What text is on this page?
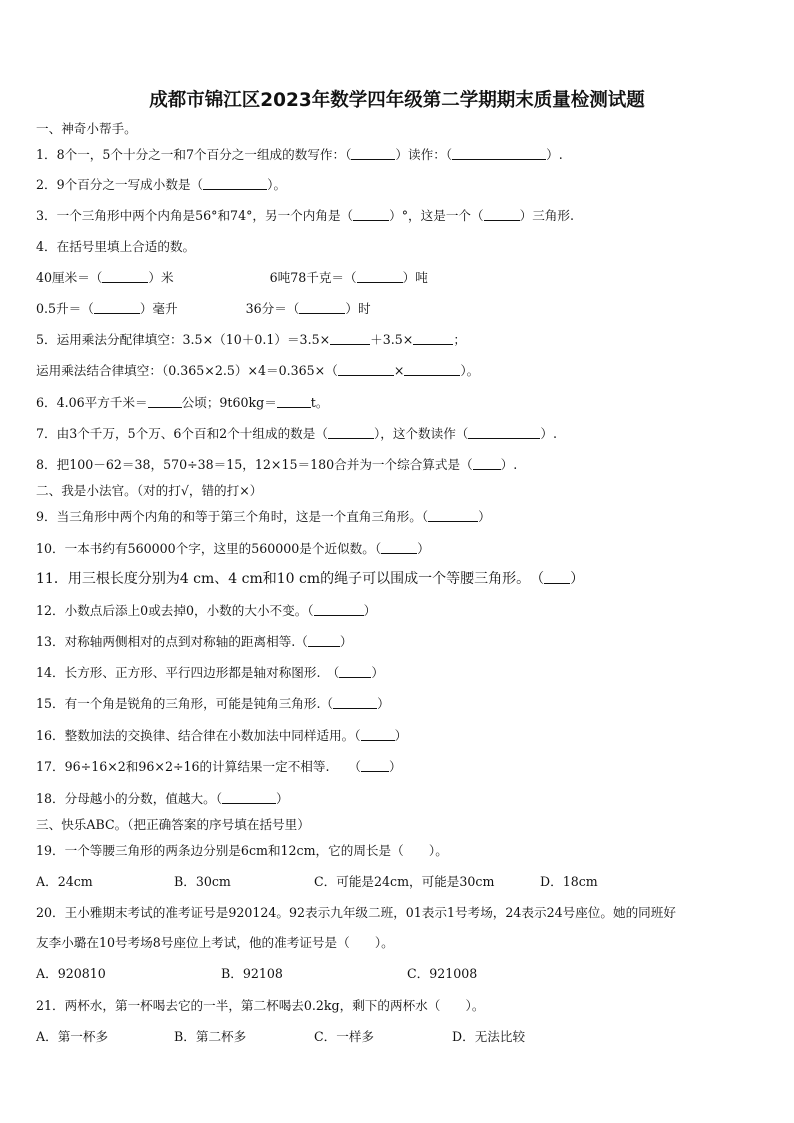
成都市锦江区2023年数学四年级第二学期期末质量检测试题
一、神奇小帮手。
1．8个一，5个十分之一和7个百分之一组成的数写作：（	）读作：（	）.
2．9个百分之一写成小数是（	）。
3．一个三角形中两个内角是56°和74°，另一个内角是（	）°，这是一个（	）三角形.
4．在括号里填上合适的数。
40厘米＝（	）米	6吨78千克＝（	）吨
0.5升＝（	）毫升	36分＝（	）时
5．运用乘法分配律填空：3.5×（10＋0.1）＝3.5×	＋3.5×	；
运用乘法结合律填空：（0.365×2.5）×4＝0.365×（	×	）。
6．4.06平方千米＝	公顷；9t60kg＝	t。
7．由3个千万，5个万、6个百和2个十组成的数是（	），这个数读作（	）.
8．把100－62＝38，570÷38＝15，12×15＝180合并为一个综合算式是（ ）.
二、我是小法官。（对的打√，错的打×）
9．当三角形中两个内角的和等于第三个角时，这是一个直角三角形。（	）
10．一本书约有560000个字，这里的560000是个近似数。（	）
11．用三根长度分别为4 cm、4 cm和10 cm的绳子可以围成一个等腰三角形。　（ ）
12．小数点后添上0或去掉0，小数的大小不变。（	）
13．对称轴两侧相对的点到对称轴的距离相等.（	）
14．长方形、正方形、平行四边形都是轴对称图形.　（	）
15．有一个角是锐角的三角形，可能是钝角三角形.（	）
16．整数加法的交换律、结合律在小数加法中同样适用。（	）
17．96÷16×2和96×2÷16的计算结果一定不相等.　　（ ）
18．分母越小的分数，值越大。（	）
三、快乐ABC。（把正确答案的序号填在括号里）
19．一个等腰三角形的两条边分别是6cm和12cm，它的周长是（　　）。
A．24cm	B．30cm	C．可能是24cm，可能是30cm	D．18cm
20．王小雅期末考试的准考证号是920124。92表示九年级二班，01表示1号考场，24表示24号座位。她的同班好
友李小璐在10号考场8号座位上考试，他的准考证号是（　　）。
A．920810	B．92108	C．921008
21．两杯水，第一杯喝去它的一半，第二杯喝去0.2kg，剩下的两杯水（　　）。
A．第一杯多	B．第二杯多	C．一样多	D．无法比较
